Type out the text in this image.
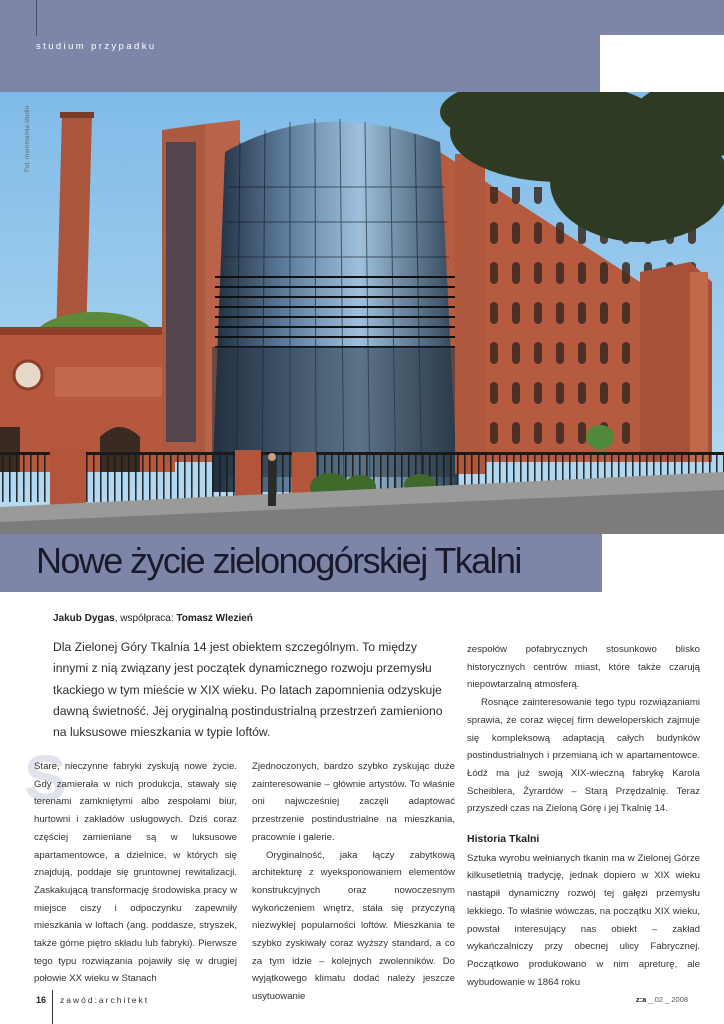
studium przypadku
Fot. mammamia studio
Nowe życie zielonogórskiej Tkalni
Jakub Dygas, współpraca: Tomasz Wlezień

Dla Zielonej Góry Tkalnia 14 jest obiektem szczególnym. To między innymi z nią związany jest początek dynamicznego rozwoju przemysłu tkackiego w tym mieście w XIX wieku. Po latach zapomnienia odzyskuje dawną świetność. Jej oryginalną postindustrialną przestrzeń zamieniono na luksusowe mieszkania w typie loftów.

S

Stare, nieczynne fabryki zyskują nowe życie. Gdy zamierała w nich produkcja, stawały się terenami zamkniętymi albo zespołami biur, hurtowni i zakładów usługowych. Dziś coraz częściej zamieniane są w luksusowe apartamentowce, a dzielnice, w których się znajdują, poddaje się gruntownej rewitalizacji. Zaskakującą transformację środowiska pracy w miejsce ciszy i odpoczynku zapewniły mieszkania w loftach (ang. poddasze, stryszek, także górne piętro składu lub fabryki). Pierwsze tego typu rozwiązania pojawiły się w drugiej połowie XX wieku w Stanach

Zjednoczonych, bardzo szybko zyskując duże zainteresowanie – głównie artystów. To właśnie oni najwcześniej zaczęli adaptować przestrzenie postindustrialne na mieszkania, pracownie i galerie.

Oryginalność, jaka łączy zabytkową architekturę z wyeksponowaniem elementów konstrukcyjnych oraz nowoczesnym wykończeniem wnętrz, stała się przyczyną niezwykłej popularności loftów. Mieszkania te szybko zyskiwały coraz wyższy standard, a co za tym idzie – kolejnych zwolenników. Do wyjątkowego klimatu dodać należy jeszcze usytuowanie

zespołów pofabrycznych stosunkowo blisko historycznych centrów miast, które także czarują niepowtarzalną atmosferą.

Rosnące zainteresowanie tego typu rozwiązaniami sprawia, że coraz więcej firm deweloperskich zajmuje się kompleksową adaptacją całych budynków postindustrialnych i przemianą ich w apartamentowce. Łódź ma już swoją XIX-wieczną fabrykę Karola Scheiblera, Żyrardów – Starą Przędzalnię. Teraz przyszedł czas na Zieloną Górę i jej Tkalnię 14.

Historia Tkalni

Sztuka wyrobu wełnianych tkanin ma w Zielonej Górze kilkusetletnią tradycję, jednak dopiero w XIX wieku nastąpił dynamiczny rozwój tej gałęzi przemysłu lekkiego. To właśnie wówczas, na początku XIX wieku, powstał interesujący nas obiekt – zakład wykańczalniczy przy obecnej ulicy Fabrycznej. Początkowo produkowano w nim apreturę, ale wybudowanie w 1864 roku

16 zawód:architekt	z:a _ 02 _ 2008
